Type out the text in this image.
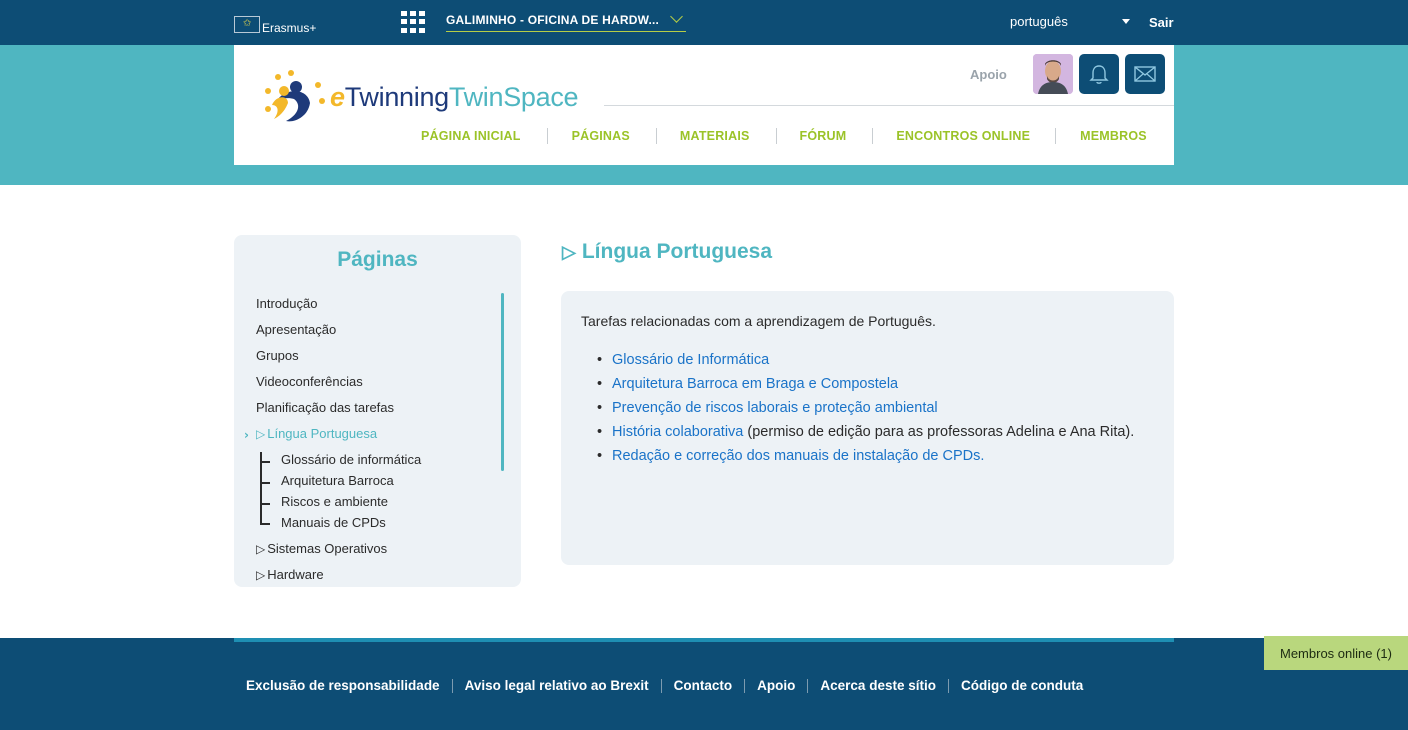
✩
Erasmus+
GALIMINHO - OFICINA DE HARDW...	português	Sair
eTwinningTwinSpace
Apoio
PÁGINA INICIAL	PÁGINAS	MATERIAIS	FÓRUM	ENCONTROS ONLINE	MEMBROS
Páginas
Introdução
Apresentação
Grupos
Videoconferências
Planificação das tarefas
› ▷ Língua Portuguesa
Glossário de informática
Arquitetura Barroca
Riscos e ambiente
Manuais de CPDs
▷ Sistemas Operativos
▷ Hardware
▷ Língua Portuguesa
Tarefas relacionadas com a aprendizagem de Português.
• Glossário de Informática
• Arquitetura Barroca em Braga e Compostela
• Prevenção de riscos laborais e proteção ambiental
• História colaborativa (permiso de edição para as professoras Adelina e Ana Rita).
• Redação e correção dos manuais de instalação de CPDs.
Exclusão de responsabilidade Aviso legal relativo ao Brexit Contacto Apoio Acerca deste sítio Código de conduta
Membros online (1)
